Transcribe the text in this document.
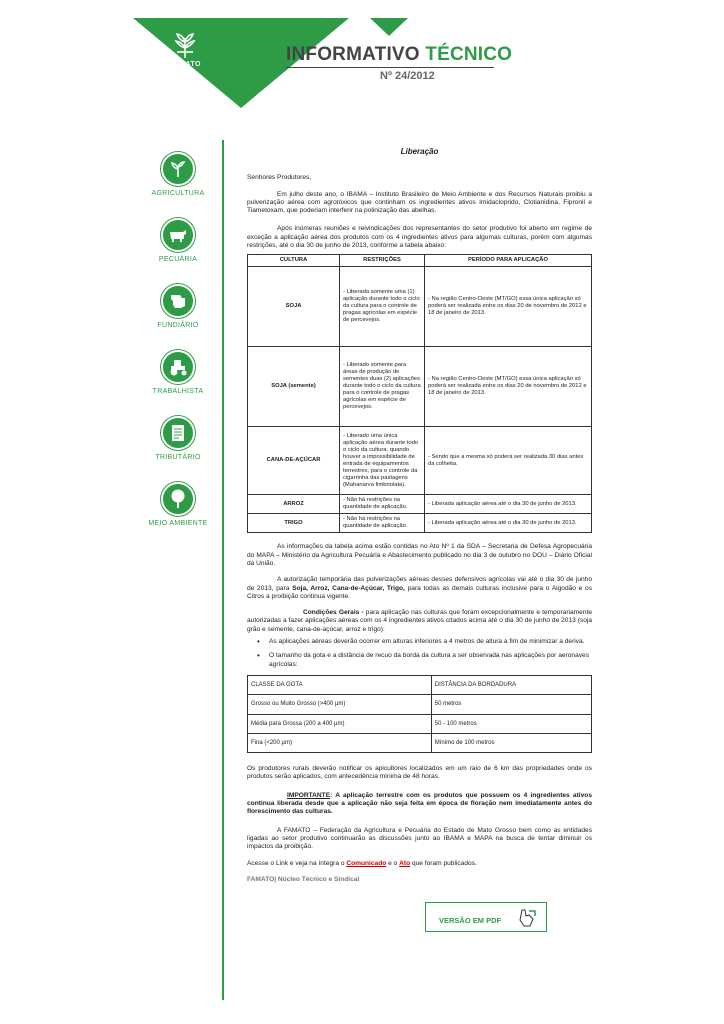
FAMATO	INFORMATIVO TÉCNICO
Nº 24/2012
AGRICULTURA
PECUÁRIA
FUNDIÁRIO
TRABALHISTA
TRIBUTÁRIO
MEIO AMBIENTE
Liberação

Senhores Produtores,

Em julho deste ano, o IBAMA – Instituto Brasileiro de Meio Ambiente e dos Recursos Naturais proibiu a pulverização aérea com agrotóxicos que continham os ingredientes ativos Imidacloprido, Clotianidina, Fipronil e Tiametoxam, que poderiam interferir na polinização das abelhas.

Após inúmeras reuniões e reivindicações dos representantes do setor produtivo foi aberto em regime de exceção a aplicação aérea dos produtos com os 4 ingredientes ativos para algumas culturas, porém com algumas restrições, até o dia 30 de junho de 2013, conforme a tabela abaixo:

CULTURA	RESTRIÇÕES	PERÍODO PARA APLICAÇÃO
SOJA	- Liberada somente uma (1) aplicação durante todo o ciclo da cultura para o controle de pragas agrícolas em espécie de percevejos.	- Na região Centro-Oeste (MT/GO) essa única aplicação só poderá ser realizada entre os dias 20 de novembro de 2012 e 18 de janeiro de 2013.
SOJA (semente)	- Liberado somente para áreas de produção de sementes duas (2) aplicações durante todo o ciclo da cultura para o controle de pragas agrícolas em espécie de percevejos.	- Na região Centro-Oeste (MT/GO) essa única aplicação só poderá ser realizada entre os dias 20 de novembro de 2012 e 18 de janeiro de 2013.
CANA-DE-AÇÚCAR	- Liberado uma única aplicação aérea durante todo o ciclo da cultura, quando houver a impossibilidade de entrada de equipamentos terrestres, para o controle da cigarrinha das pastagens (Mahanarva fimbriolata).	- Sendo que a mesma só poderá ser realizada 30 dias antes da colheita.
ARROZ	- Não há restrições na quantidade de aplicação.	- Liberada aplicação aérea até o dia 30 de junho de 2013.
TRIGO	- Não há restrições na quantidade de aplicação.	- Liberada aplicação aérea até o dia 30 de junho de 2013.

As informações da tabela acima estão contidas no Ato Nº 1 da SDA – Secretaria de Defesa Agropecuária do MAPA – Ministério da Agricultura Pecuária e Abastecimento publicado no dia 3 de outubro no DOU – Diário Oficial da União.

A autorização temporária das pulverizações aéreas desses defensivos agrícolas vai até o dia 30 de junho de 2013, para Soja, Arroz, Cana-de-Açúcar, Trigo, para todas as demais culturas inclusive para o Algodão e os Citros a proibição continua vigente.

Condições Gerais - para aplicação nas culturas que foram excepcionalmente e temporariamente autorizadas a fazer aplicações aéreas com os 4 ingredientes ativos citados acima até o dia 30 de junho de 2013 (soja grão e semente, cana-de-açúcar, arroz e trigo):

• As aplicações aéreas deverão ocorrer em alturas inferiores a 4 metros de altura a fim de minimizar a deriva.
• O tamanho da gota e a distância de recuo da borda da cultura a ser observada nas aplicações por aeronaves agrícolas:
CLASSE DA GOTA	DISTÂNCIA DA BORDADURA
Grosso ou Muito Grosso (>400 µm)	50 metros
Média para Grossa (200 a 400 µm)	50 - 100 metros
Fina (<200 µm)	Mínimo de 100 metros

Os produtores rurais deverão notificar os apicultores localizados em um raio de 6 km das propriedades onde os produtos serão aplicados, com antecedência mínima de 48 horas.

IMPORTANTE: A aplicação terrestre com os produtos que possuem os 4 ingredientes ativos continua liberada desde que a aplicação não seja feita em época de floração nem imediatamente antes do florescimento das culturas.

A FAMATO – Federação da Agricultura e Pecuária do Estado de Mato Grosso bem como as entidades ligadas ao setor produtivo continuarão as discussões junto ao IBAMA e MAPA na busca de tentar diminuir os impactos da proibição.

Acesse o Link e veja na íntegra o Comunicado e o Ato que foram publicados.

FAMATO| Núcleo Técnico e Sindical

VERSÃO EM PDF
